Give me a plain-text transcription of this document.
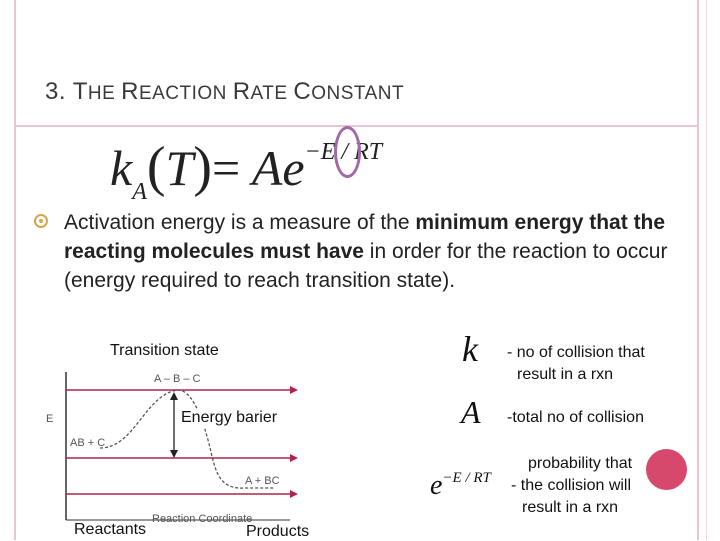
3. THE REACTION RATE CONSTANT
$k_A(T)= Ae^{-E / RT}$
Activation energy is a measure of the minimum energy that the reacting molecules must have in order for the reaction to occur (energy required to reach transition state).
A – B – C
AB + C
A + BC
Reaction Coordinate
E
Transition state
Energy barier
Reactants	Products
k - no of collision that
result in a rxn
A -total no of collision
$e^{-E / RT}$
probability that
- the collision will
result in a rxn
